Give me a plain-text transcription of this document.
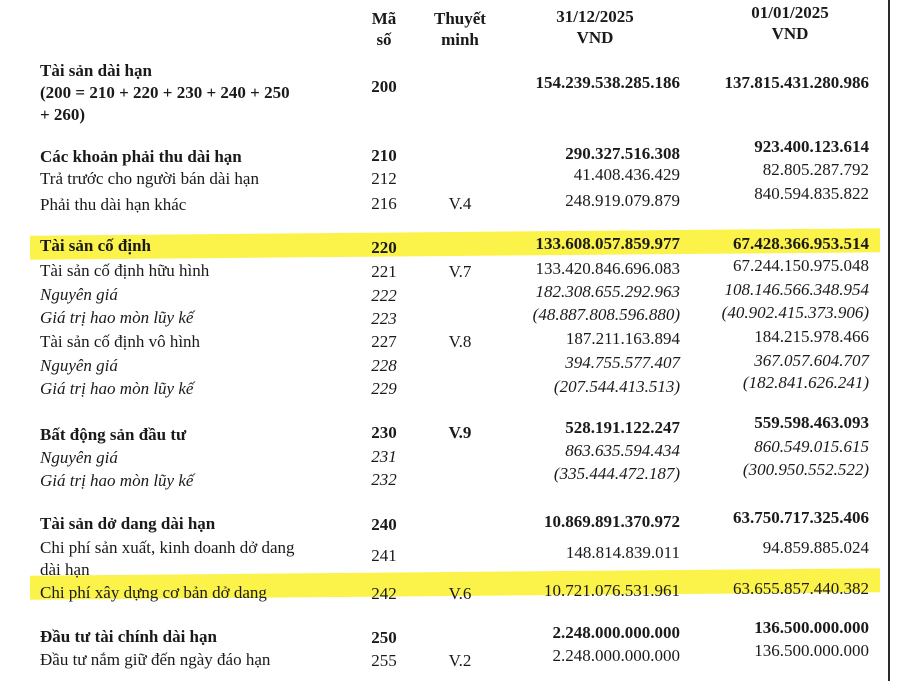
Mã
số
Thuyết
minh
31/12/2025
VND
01/01/2025
VND
Tài sản dài hạn
(200 = 210 + 220 + 230 + 240 + 250
+ 260)
200	154.239.538.285.186	137.815.431.280.986
Các khoản phải thu dài hạn	210	290.327.516.308	923.400.123.614
Trả trước cho người bán dài hạn	212	41.408.436.429	82.805.287.792
Phải thu dài hạn khác	216	V.4	248.919.079.879	840.594.835.822
Tài sản cố định	220	133.608.057.859.977	67.428.366.953.514
Tài sản cố định hữu hình	221	V.7	133.420.846.696.083	67.244.150.975.048
Nguyên giá	222	182.308.655.292.963	108.146.566.348.954
Giá trị hao mòn lũy kế	223	(48.887.808.596.880) (40.902.415.373.906)
Tài sản cố định vô hình	227	V.8	187.211.163.894	184.215.978.466
Nguyên giá	228	394.755.577.407	367.057.604.707
Giá trị hao mòn lũy kế	229	(207.544.413.513)	(182.841.626.241)
Bất động sản đầu tư	230	V.9	528.191.122.247	559.598.463.093
Nguyên giá	231	863.635.594.434	860.549.015.615
Giá trị hao mòn lũy kế	232	(335.444.472.187)	(300.950.552.522)
Tài sản dở dang dài hạn	240	10.869.891.370.972	63.750.717.325.406
Chi phí sản xuất, kinh doanh dở dang
dài hạn
241	148.814.839.011	94.859.885.024
Chi phí xây dựng cơ bản dở dang	242	V.6	10.721.076.531.961	63.655.857.440.382
Đầu tư tài chính dài hạn	250	2.248.000.000.000	136.500.000.000
Đầu tư nắm giữ đến ngày đáo hạn	255	V.2	2.248.000.000.000	136.500.000.000
